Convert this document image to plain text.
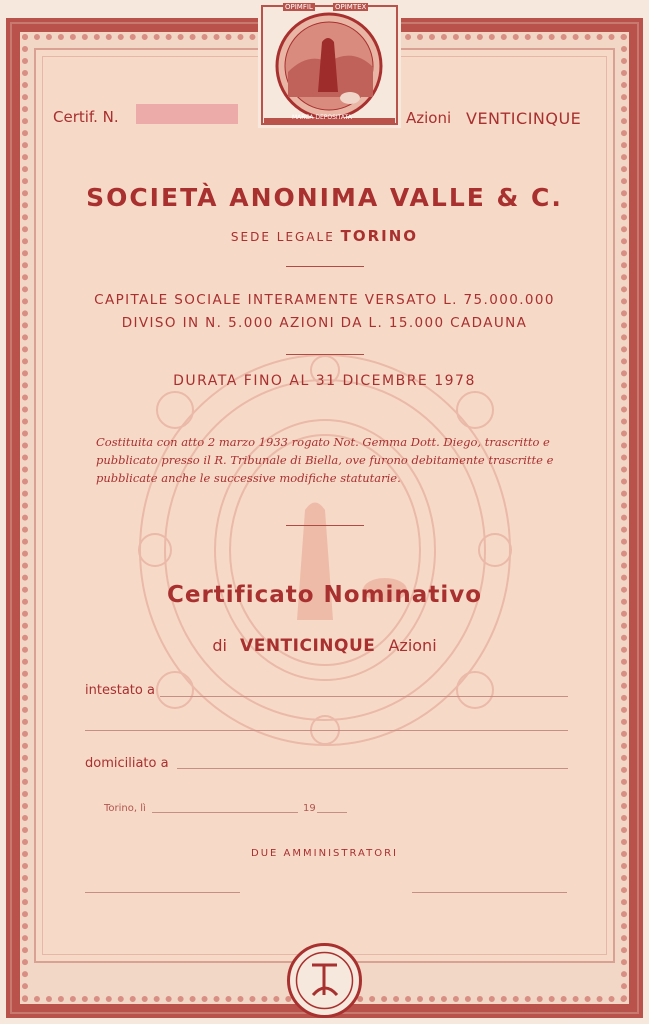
OPIMFIL	OPIMTEX
MARCA DEPOSITATA
Certif. N.	Azioni VENTICINQUE
SOCIETÀ ANONIMA VALLE & C.
SEDE LEGALE TORINO
CAPITALE SOCIALE INTERAMENTE VERSATO L. 75.000.000
DIVISO IN N. 5.000 AZIONI DA L. 15.000 CADAUNA
DURATA FINO AL 31 DICEMBRE 1978
Costituita con atto 2 marzo 1933 rogato Not. Gemma Dott. Diego, trascritto e pubblicato presso il R. Tribunale di Biella, ove furono debitamente trascritte e pubblicate anche le successive modifiche statutarie.
Certificato Nominativo
di VENTICINQUE Azioni
intestato a
domiciliato a
Torino, lì	19
DUE AMMINISTRATORI
OFF. CARTE VALORI ALMASIO - MILANO
